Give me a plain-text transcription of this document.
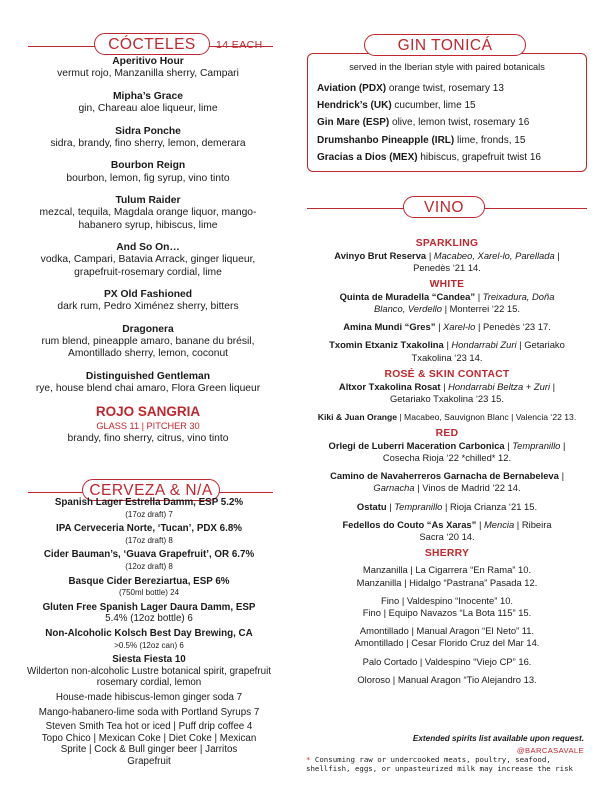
CÓCTELES	14 EACH
Aperitivo Hour
vermut rojo, Manzanilla sherry, Campari
Mipha’s Grace
gin, Chareau aloe liqueur, lime
Sidra Ponche
sidra, brandy, fino sherry, lemon, demerara
Bourbon Reign
bourbon, lemon, fig syrup, vino tinto
Tulum Raider
mezcal, tequila, Magdala orange liquor, mango-habanero syrup, hibiscus, lime
And So On…
vodka, Campari, Batavia Arrack, ginger liqueur, grapefruit-rosemary cordial, lime
PX Old Fashioned
dark rum, Pedro Ximénez sherry, bitters
Dragonera
rum blend, pineapple amaro, banane du brésil, Amontillado sherry, lemon, coconut
Distinguished Gentleman
rye, house blend chai amaro, Flora Green liqueur
ROJO SANGRIA
GLASS 11 | PITCHER 30
brandy, fino sherry, citrus, vino tinto
CERVEZA & N/A
Spanish Lager Estrella Damm, ESP 5.2%
(17oz draft) 7
IPA Cerveceria Norte, ‘Tucan’, PDX 6.8%
(17oz draft) 8
Cider Bauman’s, ‘Guava Grapefruit’, OR 6.7%
(12oz draft) 8
Basque Cider Bereziartua, ESP 6%
(750ml bottle) 24
Gluten Free Spanish Lager Daura Damm, ESP
5.4% (12oz bottle) 6
Non-Alcoholic Kolsch Best Day Brewing, CA
>0.5% (12oz can) 6
Siesta Fiesta 10
Wilderton non-alcoholic Lustre botanical spirit, grapefruit rosemary cordial, lemon
House-made hibiscus-lemon ginger soda 7
Mango-habanero-lime soda with Portland Syrups 7
Steven Smith Tea hot or iced | Puff drip coffee 4
Topo Chico | Mexican Coke | Diet Coke | Mexican Sprite | Cock & Bull ginger beer | Jarritos Grapefruit
GIN TONICÁ
served in the Iberian style with paired botanicals
Aviation (PDX) orange twist, rosemary 13
Hendrick’s (UK) cucumber, lime 15
Gin Mare (ESP) olive, lemon twist, rosemary 16
Drumshanbo Pineapple (IRL) lime, fronds, 15
Gracias a Dios (MEX) hibiscus, grapefruit twist 16
VINO
SPARKLING
Avinyo Brut Reserva | Macabeo, Xarel-lo, Parellada | Penedès ‘21 14.
WHITE
Quinta de Muradella “Candea” | Treixadura, Doña Blanco, Verdello | Monterrei ‘22 15.
Amina Mundi “Gres” | Xarel-lo | Penedès ‘23 17.
Txomin Etxaniz Txakolina | Hondarrabi Zuri | Getariako Txakolina ‘23 14.
ROSÉ & SKIN CONTACT
Altxor Txakolina Rosat | Hondarrabi Beltza + Zuri | Getariako Txakolina ‘23 15.
Kiki & Juan Orange | Macabeo, Sauvignon Blanc | Valencia ‘22 13.
RED
Orlegi de Luberri Maceration Carbonica | Tempranillo | Cosecha Rioja ‘22 *chilled* 12.
Camino de Navaherreros Garnacha de Bernabeleva | Garnacha | Vinos de Madrid ‘22 14.
Ostatu | Tempranillo | Rioja Crianza ‘21 15.
Fedellos do Couto “As Xaras” | Mencia | Ribeira Sacra ‘20 14.
SHERRY
Manzanilla | La Cigarrera “En Rama” 10.
Manzanilla | Hidalgo “Pastrana” Pasada 12.
Fino | Valdespino “Inocente” 10.
Fino | Equipo Navazos “La Bota 115” 15.
Amontillado | Manual Aragon “El Neto” 11.
Amontillado | Cesar Florido Cruz del Mar 14.
Palo Cortado | Valdespino “Viejo CP” 16.
Oloroso | Manual Aragon “Tio Alejandro 13.
Extended spirits list available upon request.
@BARCASAVALE
* Consuming raw or undercooked meats, poultry, seafood, shellfish, eggs, or unpasteurized milk may increase the risk
